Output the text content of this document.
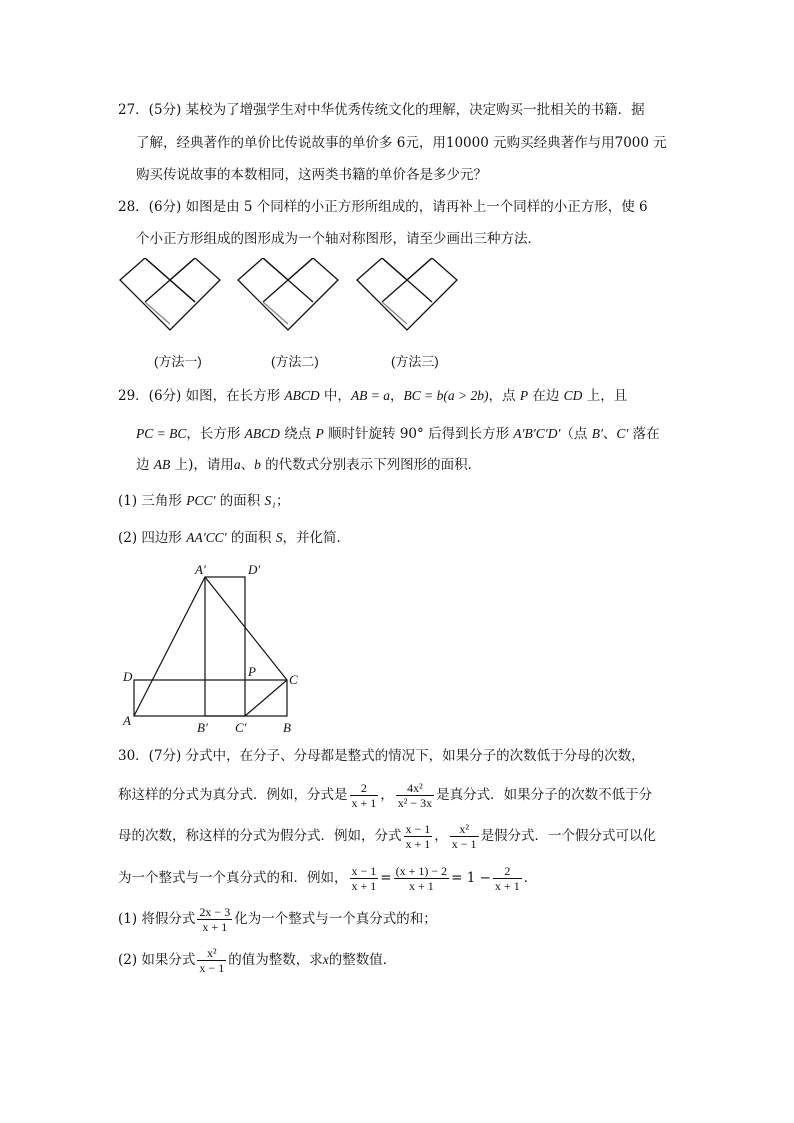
27．(5分) 某校为了增强学生对中华优秀传统文化的理解，决定购买一批相关的书籍．据
了解，经典著作的单价比传说故事的单价多 6元，用10000 元购买经典著作与用7000 元
购买传说故事的本数相同，这两类书籍的单价各是多少元？
28．(6分) 如图是由 5 个同样的小正方形所组成的，请再补上一个同样的小正方形，使 6
个小正方形组成的图形成为一个轴对称图形，请至少画出三种方法．
(方法一)	(方法二)	(方法三)
29．(6分) 如图，在长方形 ABCD 中，AB = a，BC = b(a > 2b)，点 P 在边 CD 上，且
PC = BC，长方形 ABCD 绕点 P 顺时针旋转 90° 后得到长方形 A′B′C′D′（点 B′、C′ 落在
边 AB 上)，请用a、b 的代数式分别表示下列图形的面积．
(1) 三角形 PCC′ 的面积 S₁；
(2) 四边形 AA′CC′ 的面积 S，并化简．
A′	D′
D	P
C
A	B′ C′	B
30．(7分) 分式中，在分子、分母都是整式的情况下，如果分子的次数低于分母的次数，
称这样的分式为真分式．例如，分式是 $\frac{2}{x + 1}$ ， $\frac{\text{4x²}}{\text{x² − 3x}}$ 是真分式．如果分子的次数不低于分
母的次数，称这样的分式为假分式．例如，分式 $\frac{x - 1}{x + 1}$ ， $\frac{\text{x²}}{x - 1}$ 是假分式．一个假分式可以化
为一个整式与一个真分式的和．例如， $\frac{x - 1}{x + 1} = \frac{(x + 1) - 2}{x + 1} = 1 - \frac{2}{x + 1}$ ．
(1) 将假分式 $\frac{2x - 3}{x + 1}$ 化为一个整式与一个真分式的和；
(2) 如果分式 $\frac{\text{x²}}{x - 1}$ 的值为整数，求x的整数值．
